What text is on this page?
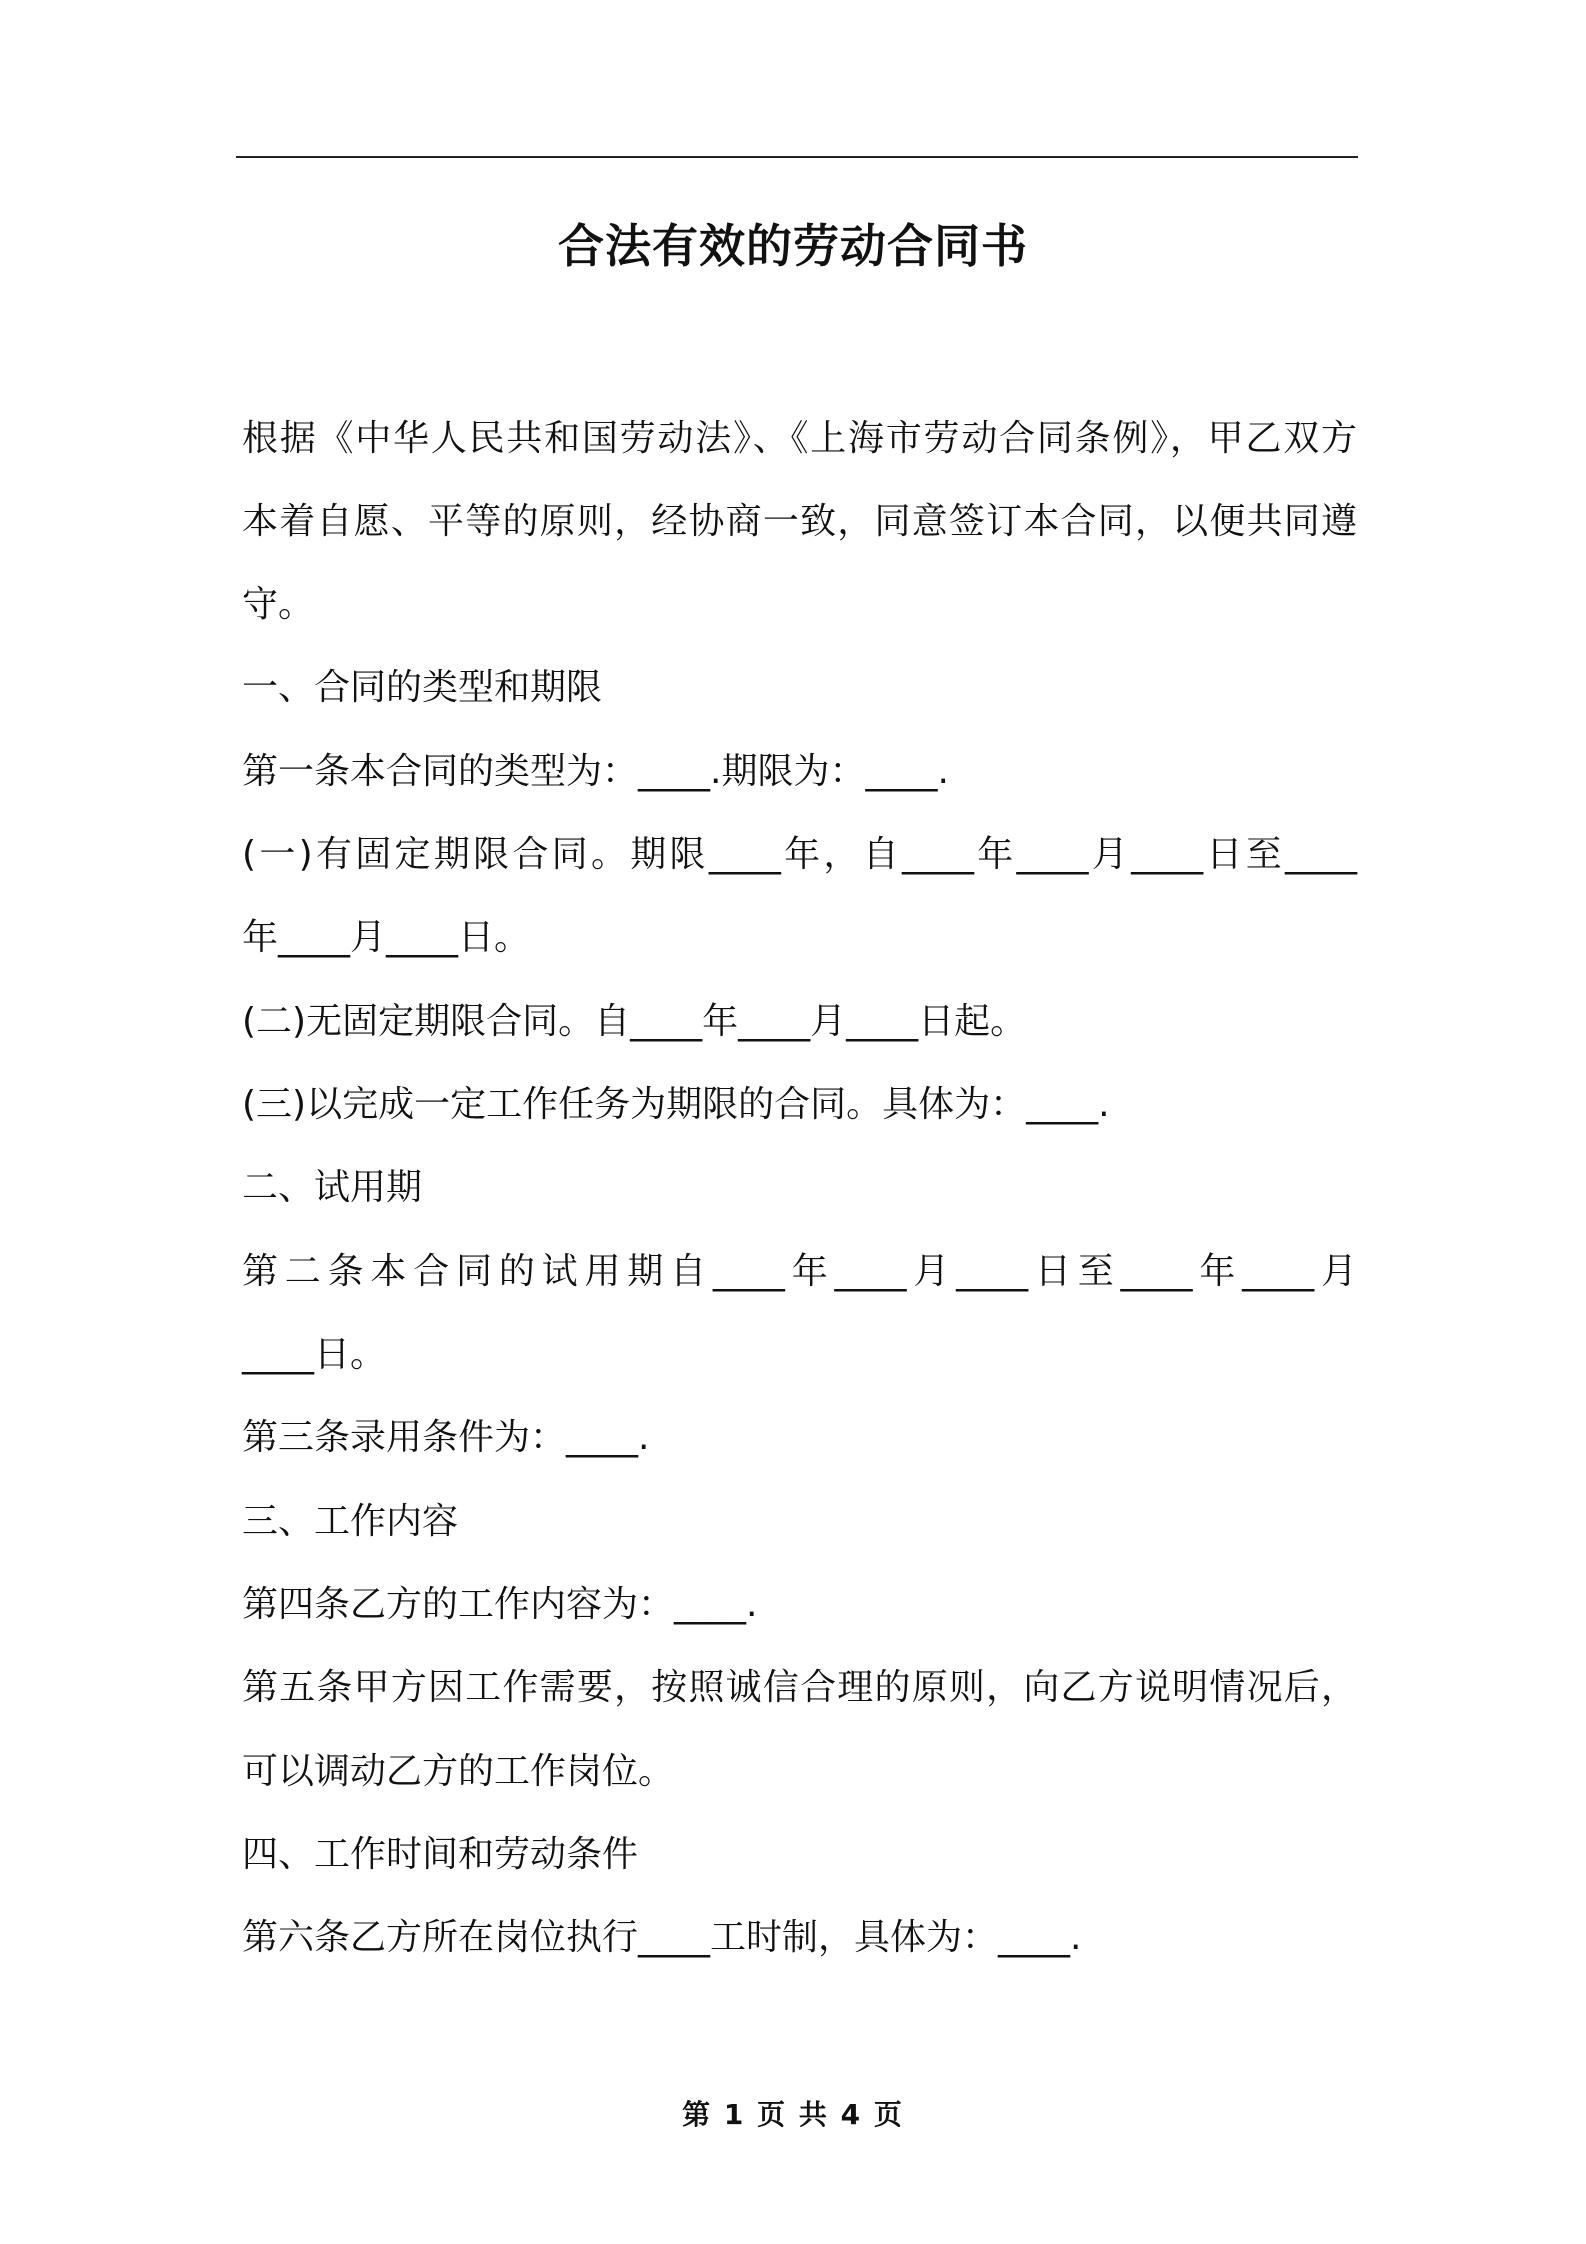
合法有效的劳动合同书
根据《中华人民共和国劳动法》、《上海市劳动合同条例》，甲乙双方
本着自愿、平等的原则，经协商一致，同意签订本合同，以便共同遵
守。
一、合同的类型和期限
第一条本合同的类型为：____.期限为：____.
(一)有固定期限合同。期限____年，自____年____月____日至____
年____月____日。
(二)无固定期限合同。自____年____月____日起。
(三)以完成一定工作任务为期限的合同。具体为：____.
二、试用期
第二条本合同的试用期自____年____月____日至____年____月
____日。
第三条录用条件为：____.
三、工作内容
第四条乙方的工作内容为：____.
第五条甲方因工作需要，按照诚信合理的原则，向乙方说明情况后，
可以调动乙方的工作岗位。
四、工作时间和劳动条件
第六条乙方所在岗位执行____工时制，具体为：____.
第 1 页 共 4 页
